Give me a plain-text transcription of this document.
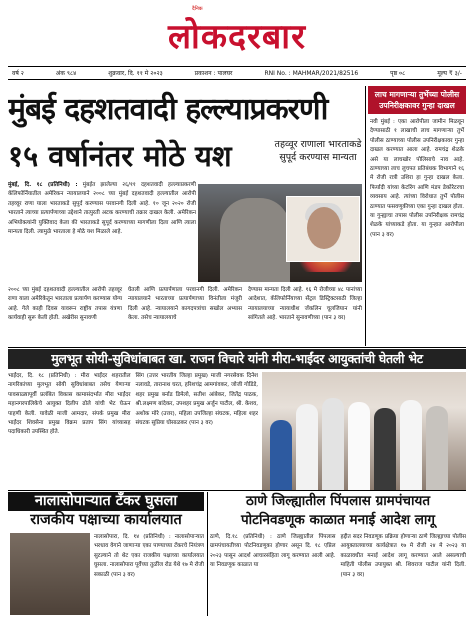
दैनिक
लोकदरबार
वर्ष २	अंक ९८४	शुक्रवार, दि. ११ मे २०२३	प्रकाशन : पालघर	RNI No. : MAHMAR/2021/82516	पृष्ठ ०८	मूल्य ₹ ३/-
मुंबई दहशतवादी हल्ल्याप्रकरणी
१५ वर्षानंतर मोठे यश	तहव्वूर राणाला भारताकडे सुपूर्द करण्यास मान्यता
मुंबई, दि. १८ (प्रतिनिधी) : मुंबईत झालेल्या २६/११ दहशतवादी हल्ल्याप्रकरणी कॅलिफोर्नियातील अमेरिकन न्यायालयाने २००८ च्या मुंबई दहशतवादी हल्ल्यातील आरोपी तहव्वूर राणा याला भारताकडे सुपूर्द करण्यास परवानगी दिली आहे. १० जून २०२० रोजी भारताने त्याच्या प्रत्यार्पणाच्या उद्देशाने तात्पुरती अटक करण्याची तक्रार दाखल केली. अमेरिकन अभियोक्त्यांनी युक्तिवाद केला की भारताकडे सुपूर्द करण्याच्या मागणीला दिला आणि त्याला मान्यता दिली. त्यामुळे भारताला हे मोठे यश मिळाले आहे.
२००८ च्या मुंबई दहशतवादी हल्ल्यातील आरोपी तहव्वूर राणा याला अमेरिकेतून भारताला प्रत्यार्पण करण्यास योग्य आहे. गेले काही दिवस यावरून राष्ट्रीय तपास यंत्रणा कार्यवाही सुरू केली होती. अखेरीस सुनावणी
घेतली आणि प्रत्यार्पणाला परवानगी दिली. अमेरिकन न्यायालयाने भारताच्या प्रत्यार्पणाच्या विनंतीला मंजुरी दिली आहे. न्यायालयाने कागदपत्रांचा सखोल अभ्यास केला. तसेच न्यायालयाचे
देण्यास मान्यता दिली आहे. १६ मे रोजीच्या ४८ पानांच्या आदेशात, कॅलिफोर्नियाच्या सेंट्रल डिस्ट्रिक्टसाठी जिल्हा न्यायालयाच्या न्यायाधीश जॅकलिन चूलजियान यांनी सांगितले आहे. भारताने सुनावणीच्या (पान ३ वर)
लाच मागणाऱ्या तुर्भेच्या पोलीस उपनिरीक्षकावर गुन्हा दाखल
नवी मुंबई : एका आरोपीला जामीन मिळवून देण्यासाठी १ लाखाची लाच मागणाऱ्या तुर्भे पोलीस ठाण्याच्या पोलीस उपनिरीक्षकावर गुन्हा दाखल करण्यात आला आहे. रामचंद्र शेळके असे या लाचखोर पोलिसाचे नाव आहे. ठाण्याच्या लाच लुचपत प्रतिबंधक विभागाने १६ मे रोजी रात्री उशिरा हा गुन्हा दाखल केला. फिर्यादी यांच्या केटरिंग आणि मंडप डेकोरेटरचा व्यवसाय आहे. त्यांच्या विरोधात तुर्भे पोलीस ठाण्यात फसवणुकीच्या एका गुन्हा दाखल होता. या गुन्ह्याचा तपास पोलीस उपनिरीक्षक रामचंद्र शेळके यांच्याकडे होता. या गुन्हात आरोपीला (पान ३ वर)
मुलभूत सोयी-सुविधांबाबत खा. राजन विचारे यांनी मीरा-भाईंदर आयुक्तांची घेतली भेट
भाईंदर, दि. १८ (प्रतिनिधी) : मीरा भाईंदर शहरातील नागरिकांच्या मुलभूत सोयी सुविधांबाबत तसेच येणाऱ्या पावसाळ्यापूर्वी प्रलंबित विकास कामासंदर्भात मीरा भाईंदर महानगरपालिकेचे आयुक्त दिलीप ढोले यांची भेट घेऊन पाहणी केली. यावेळी माजी आमदार, संपर्क प्रमुख मीरा भाईंदर शिवसेना प्रमुख विक्रम प्रताप सिंग यांच्यासह पदाधिकारी उपस्थित होते.
सिंग (उत्तर भारतीय जिल्हा प्रमुख) माजी नगरसेवक दिनेश नलावडे, तारानाथ घरत, हरिशचंद्र आमगांवकर, जोजी गोडिंडे, शहर प्रमुख बर्नाड डिमेलो, सतीश आंबेकर, जितेंद्र पाठक, श्री.लक्ष्मण बांदेकर, उपशहर प्रमुख अर्जुन पाटील, श्री. केशव, अशोक मोरे (उत्तर), महिला उपजिल्हा संघटक, महिला शहर संघटक सुप्रिया घोसाळकर (पान ३ वर)
नालासोपाऱ्यात टँकर घुसला
राजकीय पक्षाच्या कार्यालयात
नालासोपारा, दि. १४ (प्रतिनिधी) : नालासोपाऱ्यात भरधाव वेगाने जाणाऱ्या एका पाण्याच्या टँकरचे नियंत्रण सुटल्याने तो थेट एका राजकीय पक्षाच्या कार्यालयात घुसला. नालासोपारा पूर्वेच्या तुळींज रोड येथे १७ मे रोजी सकाळी (पान ३ वर)
ठाणे जिल्ह्यातील पिंपलास ग्रामपंचायत
पोटनिवडणूक काळात मनाई आदेश लागू
ठाणे, दि.१८ (प्रतिनिधी) : ठाणे जिल्ह्यातील पिंपलास ग्रामपंचायतीच्या पोटनिवडणुका होणार असून दि. १८ एप्रिल २०२३ पासून आदर्श आचारसंहिता लागू करण्यात आली आहे. या निवडणूक काळात या
हद्दीत सदर निवडणूक प्रक्रिया होणाऱ्या ठाणे जिल्ह्याच्या पोलीस आयुक्तालयाच्या कार्यक्षेत्रात १७ मे रोजी २४ मे २०२३ या काळावधीत मनाई आदेश लागू करण्यात आले असल्याची माहिती पोलीस उपायुक्त श्री. शिवराज पाटील यांनी दिली. (पान ३ वर)
